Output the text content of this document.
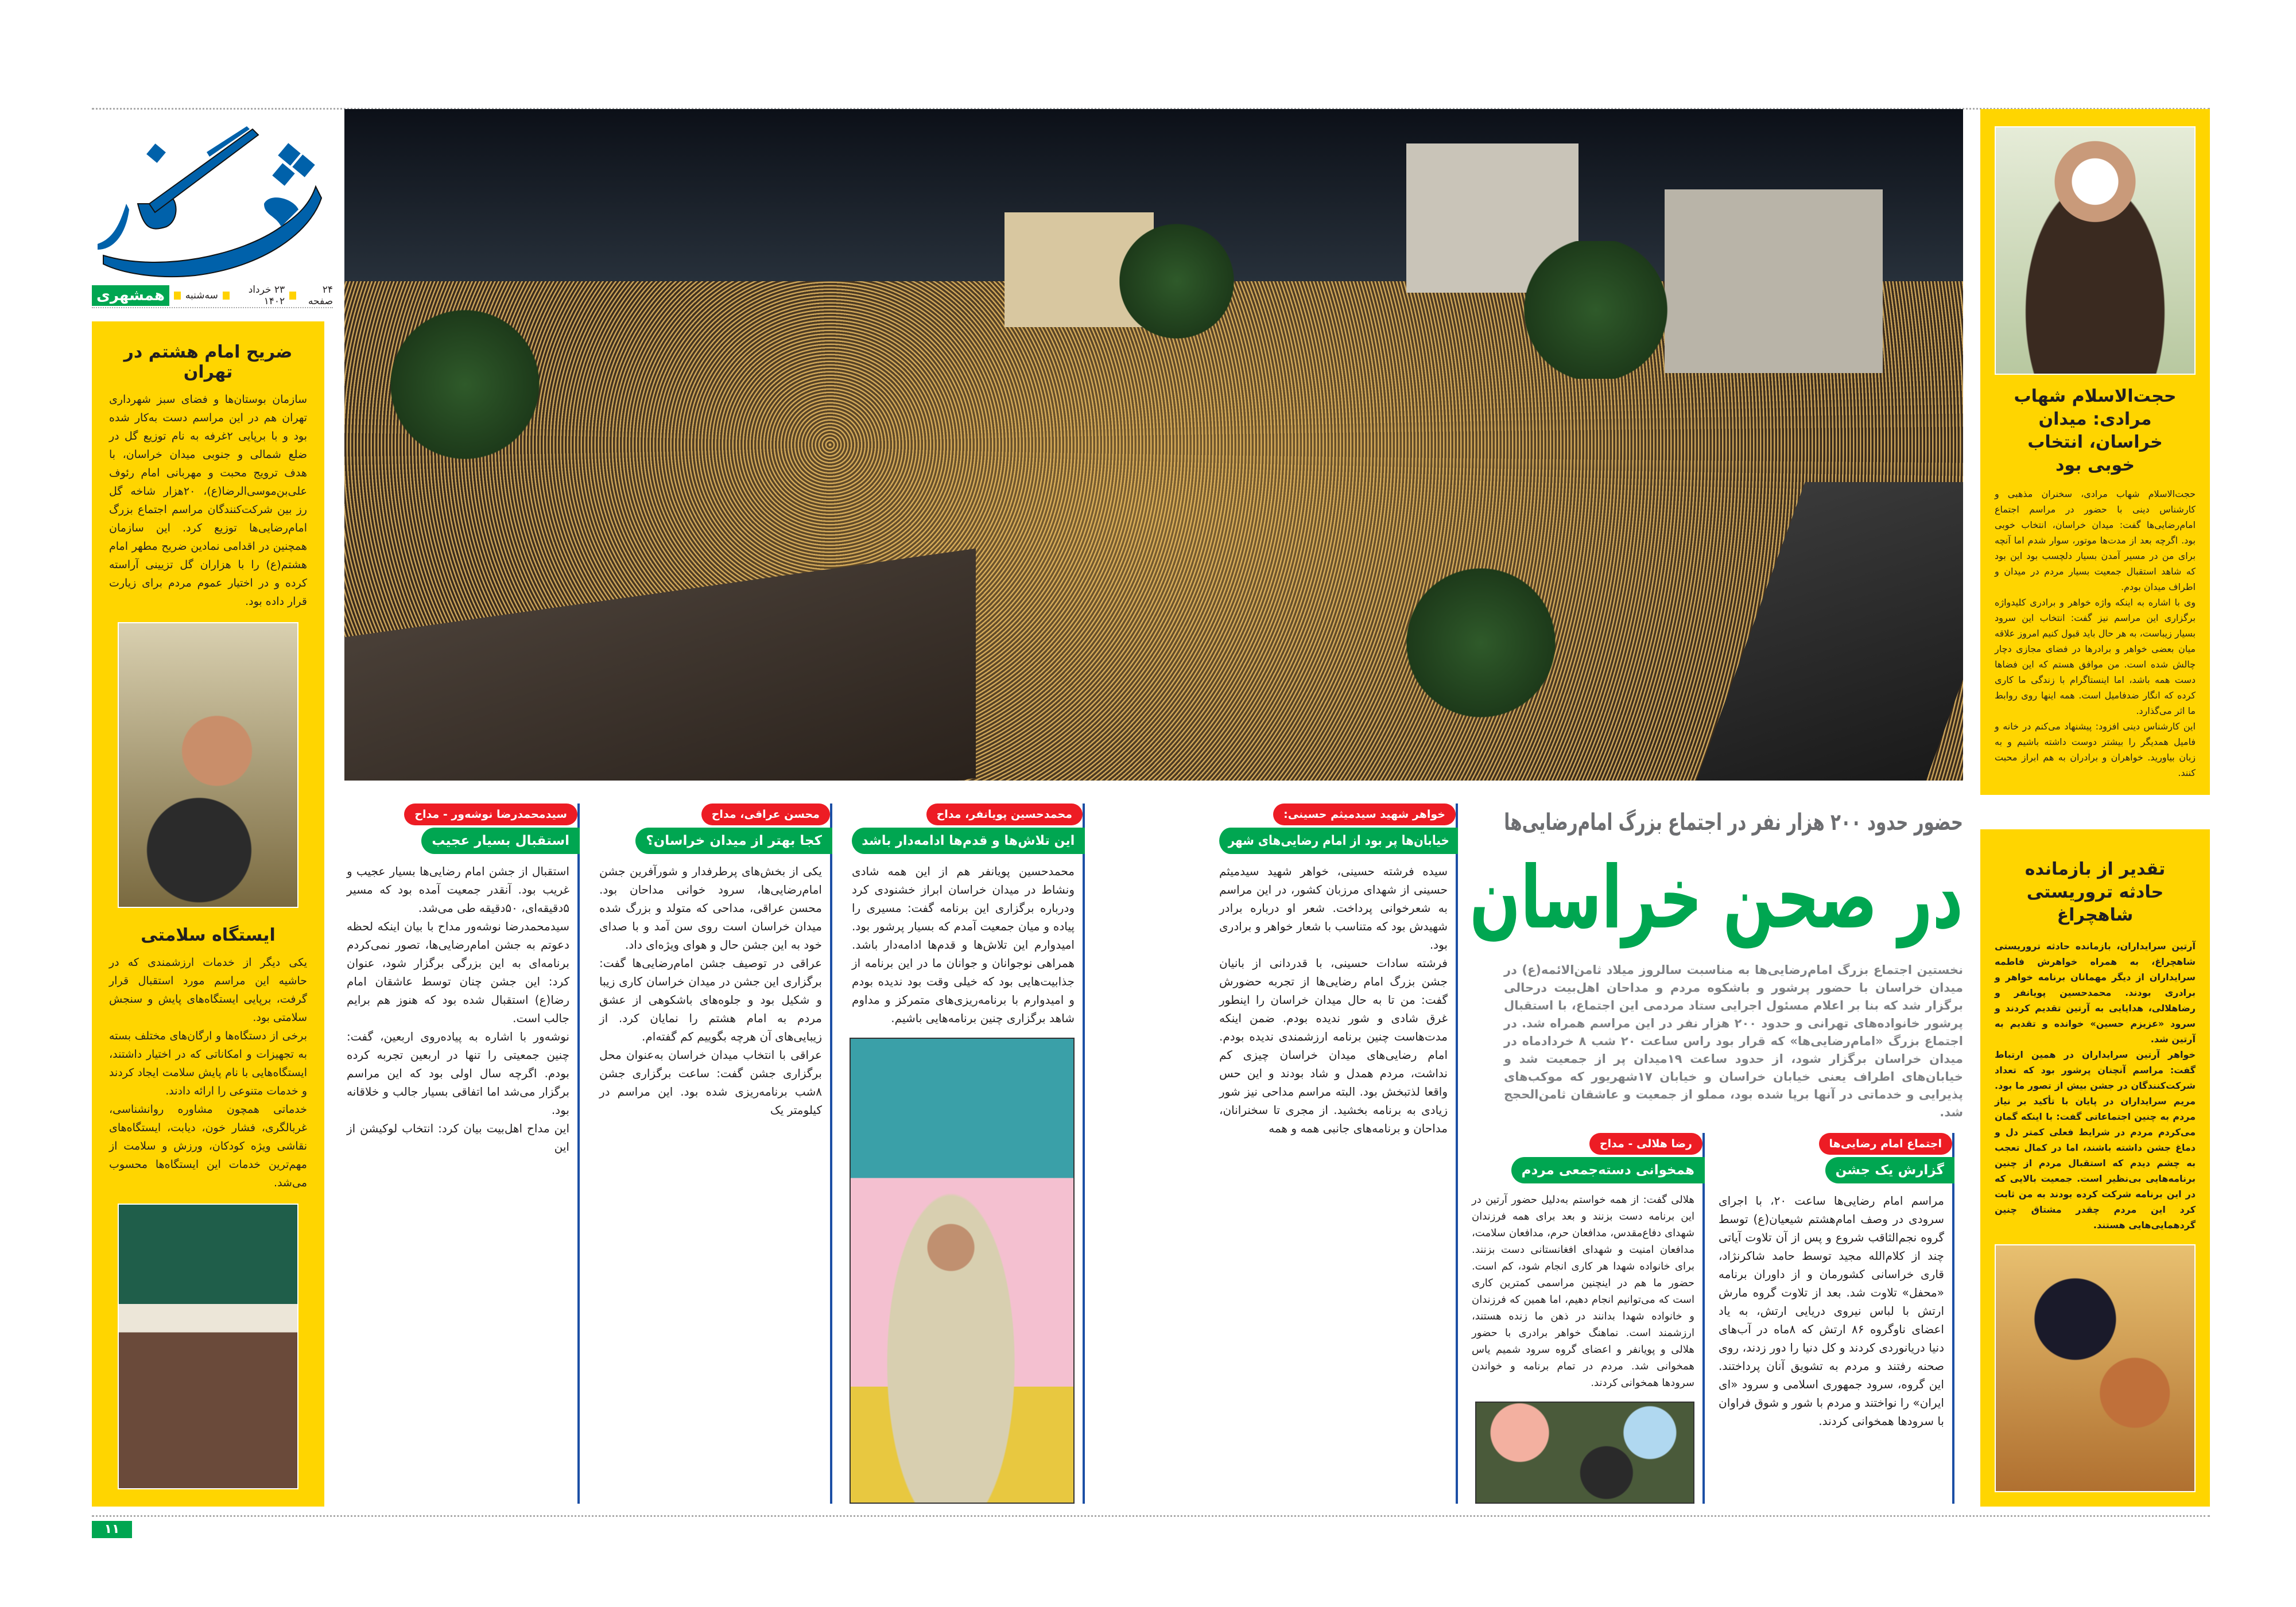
همشهری	سه‌شنبه	۲۳ خرداد ۱۴۰۲
۲۴ صفحه
ضریح امام هشتم در تهران
سازمان بوستان‌ها و فضای سبز شهرداری تهران هم در این مراسم دست به‌کار شده بود و با برپایی ۲غرفه به نام توزیع گل در ضلع شمالی و جنوبی میدان خراسان، با هدف ترویج محبت و مهربانی امام رئوف علی‌بن‌موسی‌الرضا(ع)، ۲۰هزار شاخه گل رز بین شرکت‌کنندگان مراسم اجتماع بزرگ امام‌رضایی‌ها توزیع کرد. این سازمان همچنین در اقدامی نمادین ضریح مطهر امام هشتم(ع) را با هزاران گل تزیینی آراسته کرده و در اختیار عموم مردم برای زیارت قرار داده بود.
ایستگاه سلامتی

یکی دیگر از خدمات ارزشمندی که در حاشیه این مراسم مورد استقبال قرار گرفت، برپایی ایستگاه‌های پایش و سنجش سلامتی بود.

برخی از دستگاه‌ها و ارگان‌های مختلف بسته به تجهیزات و امکاناتی که در اختیار داشتند، ایستگاه‌هایی با نام پایش سلامت ایجاد کردند و خدمات متنوعی را ارائه دادند.

خدماتی همچون مشاوره روانشناسی، غربالگری، فشار خون، دیابت، ایستگاه‌های نقاشی ویژه کودکان، ورزش و سلامت از مهم‌ترین خدمات این ایستگاه‌ها محسوب می‌شد.

حجت‌الاسلام شهاب مرادی: میدان خراسان، انتخاب خوبی بود

حجت‌الاسلام شهاب مرادی، سخنران مذهبی و کارشناس دینی با حضور در مراسم اجتماع امام‌رضایی‌ها گفت: میدان خراسان، انتخاب خوبی بود. اگرچه بعد از مدت‌ها موتور، سوار شدم اما آنچه برای من در مسیر آمدن بسیار دلچسب بود این بود که شاهد استقبال جمعیت بسیار مردم در میدان و اطراف میدان بودم.

وی با اشاره به اینکه واژه خواهر و برادری کلیدواژه برگزاری این مراسم نیز گفت: انتخاب این سرود بسیار زیباست، به هر حال باید قبول کنیم امروز علاقه میان بعضی خواهر و برادرها در فضای مجازی دچار چالش شده است. من موافق هستم که این فضاها دست همه باشد، اما اینستاگرام با زندگی ما کاری کرده که انگار ضدفامیل است. همه اینها روی روابط ما اثر می‌گذارد.

این کارشناس دینی افزود: پیشنهاد می‌کنم در خانه و فامیل همدیگر را بیشتر دوست داشته باشیم و به زبان بیاورید. خواهران و برادران به هم ابراز محبت کنند.

تقدیر از بازمانده حادثه تروریستی شاهچراغ

آرتین سرایداران، بازمانده حادثه تروریستی شاهچراغ، به همراه خواهرش فاطمه سرایداران از دیگر مهمانان برنامه خواهر و برادری بودند. محمدحسین پویانفر و رضاهلالی، هدایایی به آرتین تقدیم کردند و سرود «عزیزم حسین» خوانده و تقدیم به آرتین شد.

خواهر آرتین سرایداران در همین ارتباط گفت: مراسم آنچنان پرشور بود که تعداد شرکت‌کنندگان در جشن بیش از تصور ما بود. مریم سرایداران در پایان با تأکید بر نیاز مردم به چنین اجتماعاتی گفت: با اینکه گمان می‌کردم مردم در شرایط فعلی کمتر دل و دماغ جشن داشته باشند، اما در کمال تعجب به چشم دیدم که استقبال مردم از چنین برنامه‌هایی بی‌نظیر است. جمعیت بالایی که در این برنامه شرکت کرده بودند به من ثابت کرد این مردم چقدر مشتاق چنین گردهمایی‌هایی هستند.

حضور حدود ۲۰۰ هزار نفر در اجتماع بزرگ امام‌رضایی‌ها
در صحن خراسان
نخستین اجتماع بزرگ امام‌رضایی‌ها به مناسبت سالروز میلاد ثامن‌الائمه(ع) در میدان خراسان با حضور پرشور و باشکوه مردم و مداحان اهل‌بیت درحالی برگزار شد که بنا بر اعلام مسئول اجرایی ستاد مردمی این اجتماع، با استقبال پرشور خانواده‌های تهرانی و حدود ۲۰۰ هزار نفر در این مراسم همراه شد. در اجتماع بزرگ «امام‌رضایی‌ها» که قرار بود راس ساعت ۲۰ شب ۸ خردادماه در میدان خراسان برگزار شود، از حدود ساعت ۱۹میدان پر از جمعیت شد و خیابان‌های اطراف یعنی خیابان خراسان و خیابان ۱۷شهریور که موکب‌های پذیرایی و خدماتی در آنها برپا شده بود، مملو از جمعیت و عاشقان ثامن‌الحجج شد.
اجتماع امام رضایی‌ها
گزارش یک جشن

مراسم امام رضایی‌ها ساعت ۲۰، با اجرای سرودی در وصف امام‌هشتم شیعیان(ع) توسط گروه نجم‌الثاقب شروع و پس از آن تلاوت آیاتی چند از کلام‌الله مجید توسط حامد شاکرنژاد، قاری خراسانی کشورمان و از داوران برنامه «محفل» تلاوت شد. بعد از تلاوت گروه مارش ارتش با لباس نیروی دریایی ارتش، به یاد اعضای ناوگروه ۸۶ ارتش که ۸ماه در آب‌های دنیا دریانوردی کردند و کل دنیا را دور زدند، روی صحنه رفتند و مردم به تشویق آنان پرداختند. این گروه، سرود جمهوری اسلامی و سرود «ای ایران» را نواختند و مردم با شور و شوق فراوان با سرودها همخوانی کردند.

رضا هلالی - مداح
همخوانی دسته‌جمعی مردم

هلالی گفت: از همه خواستم به‌دلیل حضور آرتین در این برنامه دست بزنند و بعد برای همه فرزندان شهدای دفاع‌مقدس، مدافعان حرم، مدافعان سلامت، مدافعان امنیت و شهدای افغانستانی دست بزنند. برای خانواده شهدا هر کاری انجام شود، کم است. حضور ما هم در اینچنین مراسمی کمترین کاری است که می‌توانیم انجام دهیم، اما همین که فرزندان و خانواده شهدا بدانند در ذهن ما زنده هستند، ارزشمند است. نماهنگ خواهر برادری با حضور هلالی و پویانفر و اعضای گروه سرود شمیم یاس همخوانی شد. مردم در تمام برنامه و خواندن سرودها همخوانی کردند.

خواهر شهید سیدمیثم حسینی:
خیابان‌ها پر بود از امام رضایی‌های شهر

سیده فرشته حسینی، خواهر شهید سیدمیثم حسینی از شهدای مرزبان کشور، در این مراسم به شعرخوانی پرداخت. شعر او درباره برادر شهیدش بود که متناسب با شعار خواهر و برادری بود.

فرشته سادات حسینی، با قدردانی از بانیان جشن بزرگ امام رضایی‌ها از تجربه حضورش گفت: من تا به حال میدان خراسان را اینطور غرق شادی و شور ندیده بودم. ضمن اینکه مدت‌هاست چنین برنامه ارزشمندی ندیده بودم. امام رضایی‌های میدان خراسان چیزی کم نداشت، مردم همدل و شاد بودند و این حس واقعا لذتبخش بود. البته مراسم مداحی نیز شور زیادی به برنامه بخشید. از مجری تا سخنرانان، مداحان و برنامه‌های جانبی همه و همه

محمدحسین پویانفر، مداح
این تلاش‌ها و قدم‌ها ادامه‌دار باشد

محمدحسین پویانفر هم از این همه شادی ونشاط در میدان خراسان ابراز خشنودی کرد ودرباره برگزاری این برنامه گفت: مسیری را پیاده و میان جمعیت آمدم که بسیار پرشور بود. امیدوارم این تلاش‌ها و قدم‌ها ادامه‌دار باشد. همراهی نوجوانان و جوانان ما در این برنامه از جذابیت‌هایی بود که خیلی وقت بود ندیده بودم و امیدوارم با برنامه‌ریزی‌های متمرکز و مداوم شاهد برگزاری چنین برنامه‌هایی باشیم.

محسن عراقی، مداح
کجا بهتر از میدان خراسان؟

یکی از بخش‌های پرطرفدار و شورآفرین جشن امام‌رضایی‌ها، سرود خوانی مداحان بود. محسن عراقی، مداحی که متولد و بزرگ شده میدان خراسان است روی سن آمد و با صدای خود به این جشن حال و هوای ویژه‌ای داد.

عراقی در توصیف جشن امام‌رضایی‌ها گفت: برگزاری این جشن در میدان خراسان کاری زیبا و شکیل بود و جلوه‌های باشکوهی از عشق مردم به امام هشتم را نمایان کرد. از زیبایی‌های آن هرچه بگوییم کم گفته‌ام.

عراقی با انتخاب میدان خراسان به‌عنوان محل برگزاری جشن گفت: ساعت برگزاری جشن ۸شب برنامه‌ریزی شده بود. این مراسم در کیلومتر یک

سیدمحمدرضا نوشه‌ور - مداح
استقبال بسیار عجیب

استقبال از جشن امام رضایی‌ها بسیار عجیب و غریب بود. آنقدر جمعیت آمده بود که مسیر ۵دقیقه‌ای، ۵۰دقیقه طی می‌شد.

سیدمحمدرضا نوشه‌ور مداح با بیان اینکه لحظه دعوتم به جشن امام‌رضایی‌ها، تصور نمی‌کردم برنامه‌ای به این بزرگی برگزار شود، عنوان کرد: این جشن چنان توسط عاشقان امام رضا(ع) استقبال شده بود که هنوز هم برایم جالب است.

نوشه‌ور با اشاره به پیاده‌روی اربعین، گفت: چنین جمعیتی را تنها در اربعین تجربه کرده بودم. اگرچه سال اولی بود که این مراسم برگزار می‌شد اما اتفاقی بسیار جالب و خلاقانه بود.

این مداح اهل‌بیت بیان کرد: انتخاب لوکیشن از این

۱۱
